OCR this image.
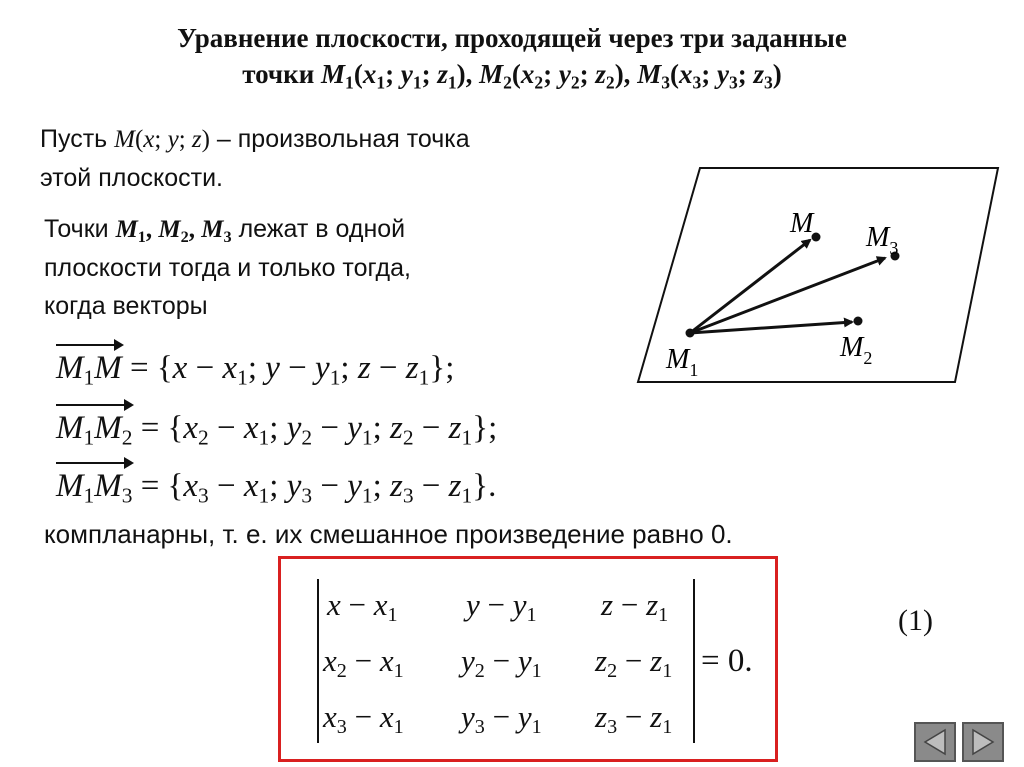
Уравнение плоскости, проходящей через три заданные
точки $M_1(x_1$; $y_1$; $z_1$), $M_2(x_2$; $y_2$; $z_2$), $M_3(x_3$; $y_3$; $z_3$)
Пусть M(x; y; z) – произвольная точка
этой плоскости.
Точки $M_1$, $M_2$, $M_3$ лежат в одной
плоскости тогда и только тогда,
когда векторы
$M_1M = \{x - x_1$; $y - y_1$; $z - z_1$};
$M_1M_2 = \{x_2 - x_1$; $y_2 - y_1$; $z_2 - z_1$};
$M_1M_3 = \{x_3 - x_1$; $y_3 - y_1$; $z_3 - z_1$}.
компланарны, т. е. их смешанное произведение равно 0.
M $M_3$
$M_1$
$M_2$
$x - x_1$ $y - y_1$ $z - z_1$
$x_2 - x_1$ $y_2 - y_1$ $z_2 - z_1$
$x_3 - x_1$ $y_3 - y_1$ $z_3 - z_1$
= 0.
(1)
